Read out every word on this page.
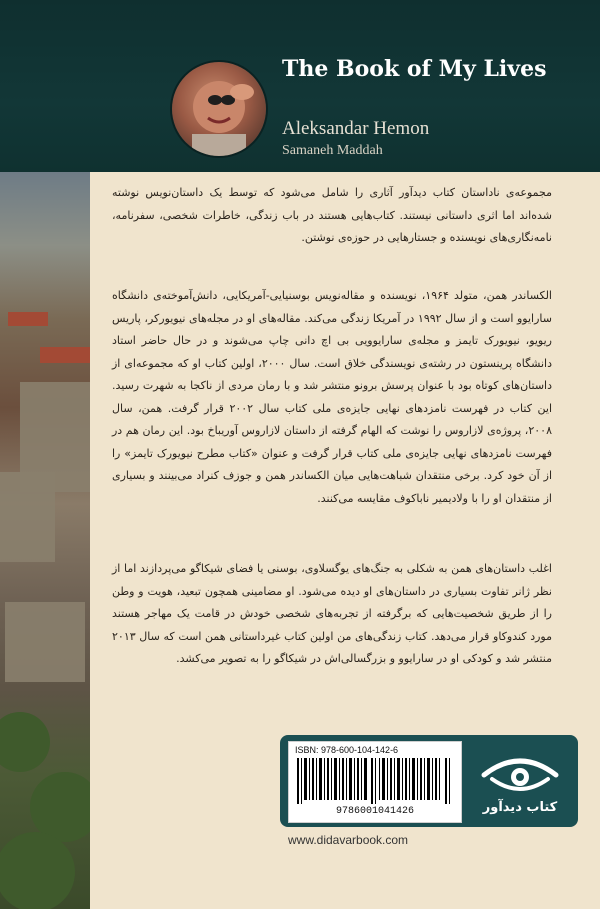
The Book of My Lives
Aleksandar Hemon
Samaneh Maddah

مجموعه‌ی ناداستان کتاب دیدآور آثاری را شامل می‌شود که توسط یک داستان‌نویس نوشته شده‌اند اما اثری داستانی نیستند. کتاب‌هایی هستند در باب زندگی، خاطرات شخصی، سفرنامه، نامه‌نگاری‌های نویسنده و جستارهایی در حوزه‌ی نوشتن.

الکساندر همن، متولد ۱۹۶۴، نویسنده و مقاله‌نویس بوسنیایی-آمریکایی، دانش‌آموخته‌ی دانشگاه سارایوو است و از سال ۱۹۹۲ در آمریکا زندگی می‌کند. مقاله‌های او در مجله‌های نیویورکر، پاریس ریویو، نیویورک تایمز و مجله‌ی سارایوویی بی اچ دانی چاپ می‌شوند و در حال حاضر استاد دانشگاه پرینستون در رشته‌ی نویسندگی خلاق است. سال ۲۰۰۰، اولین کتاب او که مجموعه‌ای از داستان‌های کوتاه بود با عنوان پرسش برونو منتشر شد و با رمان مردی از ناکجا به شهرت رسید. این کتاب در فهرست نامزدهای نهایی جایزه‌ی ملی کتاب سال ۲۰۰۲ قرار گرفت. همن، سال ۲۰۰۸، پروژه‌ی لازاروس را نوشت که الهام گرفته از داستان لازاروس آوریباخ بود. این رمان هم در فهرست نامزدهای نهایی جایزه‌ی ملی کتاب قرار گرفت و عنوان «کتاب مطرح نیویورک تایمز» را از آن خود کرد. برخی منتقدان شباهت‌هایی میان الکساندر همن و جوزف کنراد می‌بینند و بسیاری از منتقدان او را با ولادیمیر ناباکوف مقایسه می‌کنند.

اغلب داستان‌های همن به شکلی به جنگ‌های یوگسلاوی، بوسنی یا فضای شیکاگو می‌پردازند اما از نظر ژانر تفاوت بسیاری در داستان‌های او دیده می‌شود. او مضامینی همچون تبعید، هویت و وطن را از طریق شخصیت‌هایی که برگرفته از تجربه‌های شخصی خودش در قامت یک مهاجر هستند مورد کندوکاو قرار می‌دهد. کتاب زندگی‌های من اولین کتاب غیرداستانی همن است که سال ۲۰۱۳ منتشر شد و کودکی او در سارایوو و بزرگسالی‌اش در شیکاگو را به تصویر می‌کشد.

ISBN: 978-600-104-142-6

9786001041426	کتاب دیدآور

www.didavarbook.com
